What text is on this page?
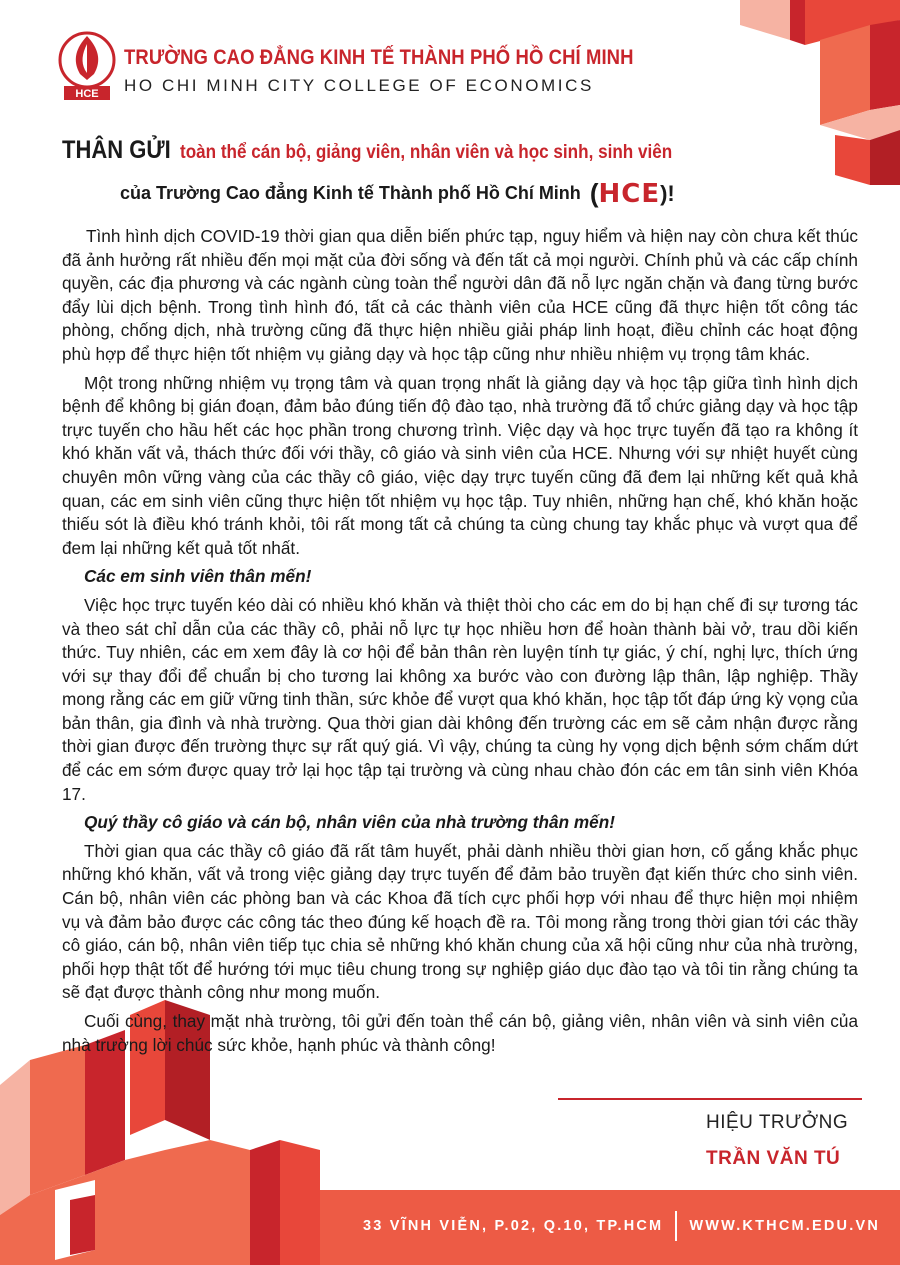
HCE
TRƯỜNG CAO ĐẲNG KINH TẾ THÀNH PHỐ HỒ CHÍ MINH
HO CHI MINH CITY COLLEGE OF ECONOMICS
THÂN GỬI toàn thể cán bộ, giảng viên, nhân viên và học sinh, sinh viên
của Trường Cao đẳng Kinh tế Thành phố Hồ Chí Minh (HCE)!

Tình hình dịch COVID-19 thời gian qua diễn biến phức tạp, nguy hiểm và hiện nay còn chưa kết thúc đã ảnh hưởng rất nhiều đến mọi mặt của đời sống và đến tất cả mọi người. Chính phủ và các cấp chính quyền, các địa phương và các ngành cùng toàn thể người dân đã nỗ lực ngăn chặn và đang từng bước đẩy lùi dịch bệnh. Trong tình hình đó, tất cả các thành viên của HCE cũng đã thực hiện tốt công tác phòng, chống dịch, nhà trường cũng đã thực hiện nhiều giải pháp linh hoạt, điều chỉnh các hoạt động phù hợp để thực hiện tốt nhiệm vụ giảng dạy và học tập cũng như nhiều nhiệm vụ trọng tâm khác.

Một trong những nhiệm vụ trọng tâm và quan trọng nhất là giảng dạy và học tập giữa tình hình dịch bệnh để không bị gián đoạn, đảm bảo đúng tiến độ đào tạo, nhà trường đã tổ chức giảng dạy và học tập trực tuyến cho hầu hết các học phần trong chương trình. Việc dạy và học trực tuyến đã tạo ra không ít khó khăn vất vả, thách thức đối với thầy, cô giáo và sinh viên của HCE. Nhưng với sự nhiệt huyết cùng chuyên môn vững vàng của các thầy cô giáo, việc dạy trực tuyến cũng đã đem lại những kết quả khả quan, các em sinh viên cũng thực hiện tốt nhiệm vụ học tập. Tuy nhiên, những hạn chế, khó khăn hoặc thiếu sót là điều khó tránh khỏi, tôi rất mong tất cả chúng ta cùng chung tay khắc phục và vượt qua để đem lại những kết quả tốt nhất.

Các em sinh viên thân mến!

Việc học trực tuyến kéo dài có nhiều khó khăn và thiệt thòi cho các em do bị hạn chế đi sự tương tác và theo sát chỉ dẫn của các thầy cô, phải nỗ lực tự học nhiều hơn để hoàn thành bài vở, trau dồi kiến thức. Tuy nhiên, các em xem đây là cơ hội để bản thân rèn luyện tính tự giác, ý chí, nghị lực, thích ứng với sự thay đổi để chuẩn bị cho tương lai không xa bước vào con đường lập thân, lập nghiệp. Thầy mong rằng các em giữ vững tinh thần, sức khỏe để vượt qua khó khăn, học tập tốt đáp ứng kỳ vọng của bản thân, gia đình và nhà trường. Qua thời gian dài không đến trường các em sẽ cảm nhận được rằng thời gian được đến trường thực sự rất quý giá. Vì vậy, chúng ta cùng hy vọng dịch bệnh sớm chấm dứt để các em sớm được quay trở lại học tập tại trường và cùng nhau chào đón các em tân sinh viên Khóa 17.

Quý thầy cô giáo và cán bộ, nhân viên của nhà trường thân mến!

Thời gian qua các thầy cô giáo đã rất tâm huyết, phải dành nhiều thời gian hơn, cố gắng khắc phục những khó khăn, vất vả trong việc giảng dạy trực tuyến để đảm bảo truyền đạt kiến thức cho sinh viên. Cán bộ, nhân viên các phòng ban và các Khoa đã tích cực phối hợp với nhau để thực hiện mọi nhiệm vụ và đảm bảo được các công tác theo đúng kế hoạch đề ra. Tôi mong rằng trong thời gian tới các thầy cô giáo, cán bộ, nhân viên tiếp tục chia sẻ những khó khăn chung của xã hội cũng như của nhà trường, phối hợp thật tốt để hướng tới mục tiêu chung trong sự nghiệp giáo dục đào tạo và tôi tin rằng chúng ta sẽ đạt được thành công như mong muốn.

Cuối cùng, thay mặt nhà trường, tôi gửi đến toàn thể cán bộ, giảng viên, nhân viên và sinh viên của nhà trường lời chúc sức khỏe, hạnh phúc và thành công!

HIỆU TRƯỞNG
TRẦN VĂN TÚ
33 VĨNH VIỄN, P.02, Q.10, TP.HCM WWW.KTHCM.EDU.VN
